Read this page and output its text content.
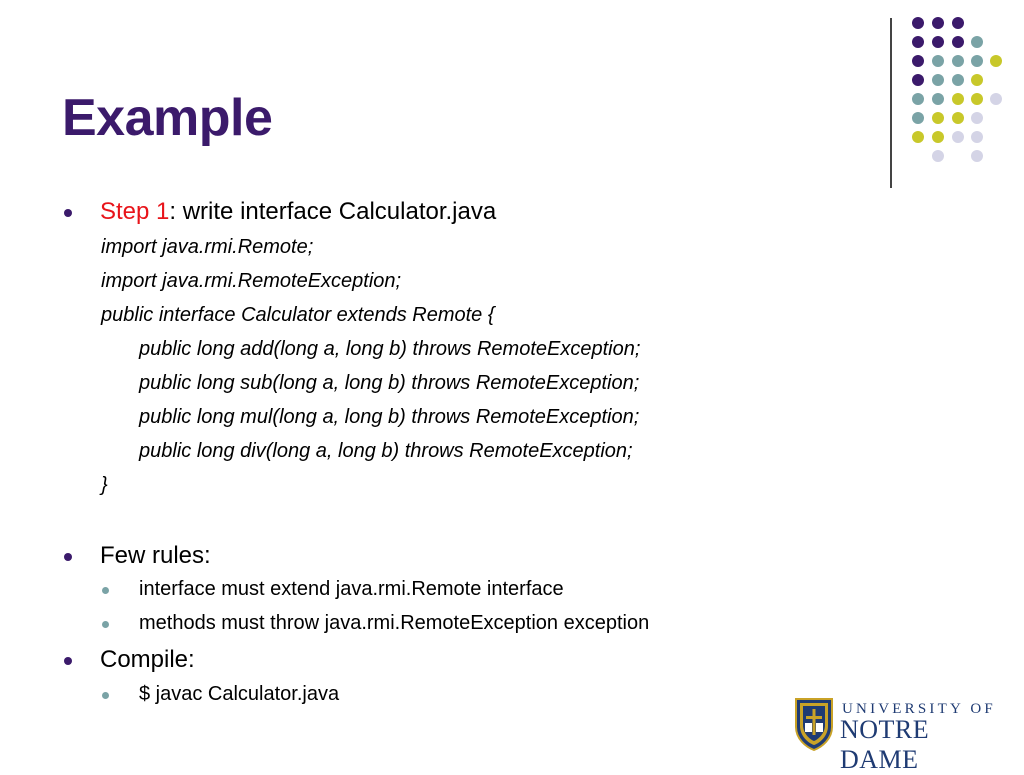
Example
Step 1: write interface Calculator.java
import java.rmi.Remote;
import java.rmi.RemoteException;
public interface Calculator extends Remote {
public long add(long a, long b) throws RemoteException;
public long sub(long a, long b) throws RemoteException;
public long mul(long a, long b) throws RemoteException;
public long div(long a, long b) throws RemoteException;
}
Few rules:
interface must extend java.rmi.Remote interface
methods must throw java.rmi.RemoteException exception
Compile:
$ javac Calculator.java
UNIVERSITY OF
NOTRE DAME
